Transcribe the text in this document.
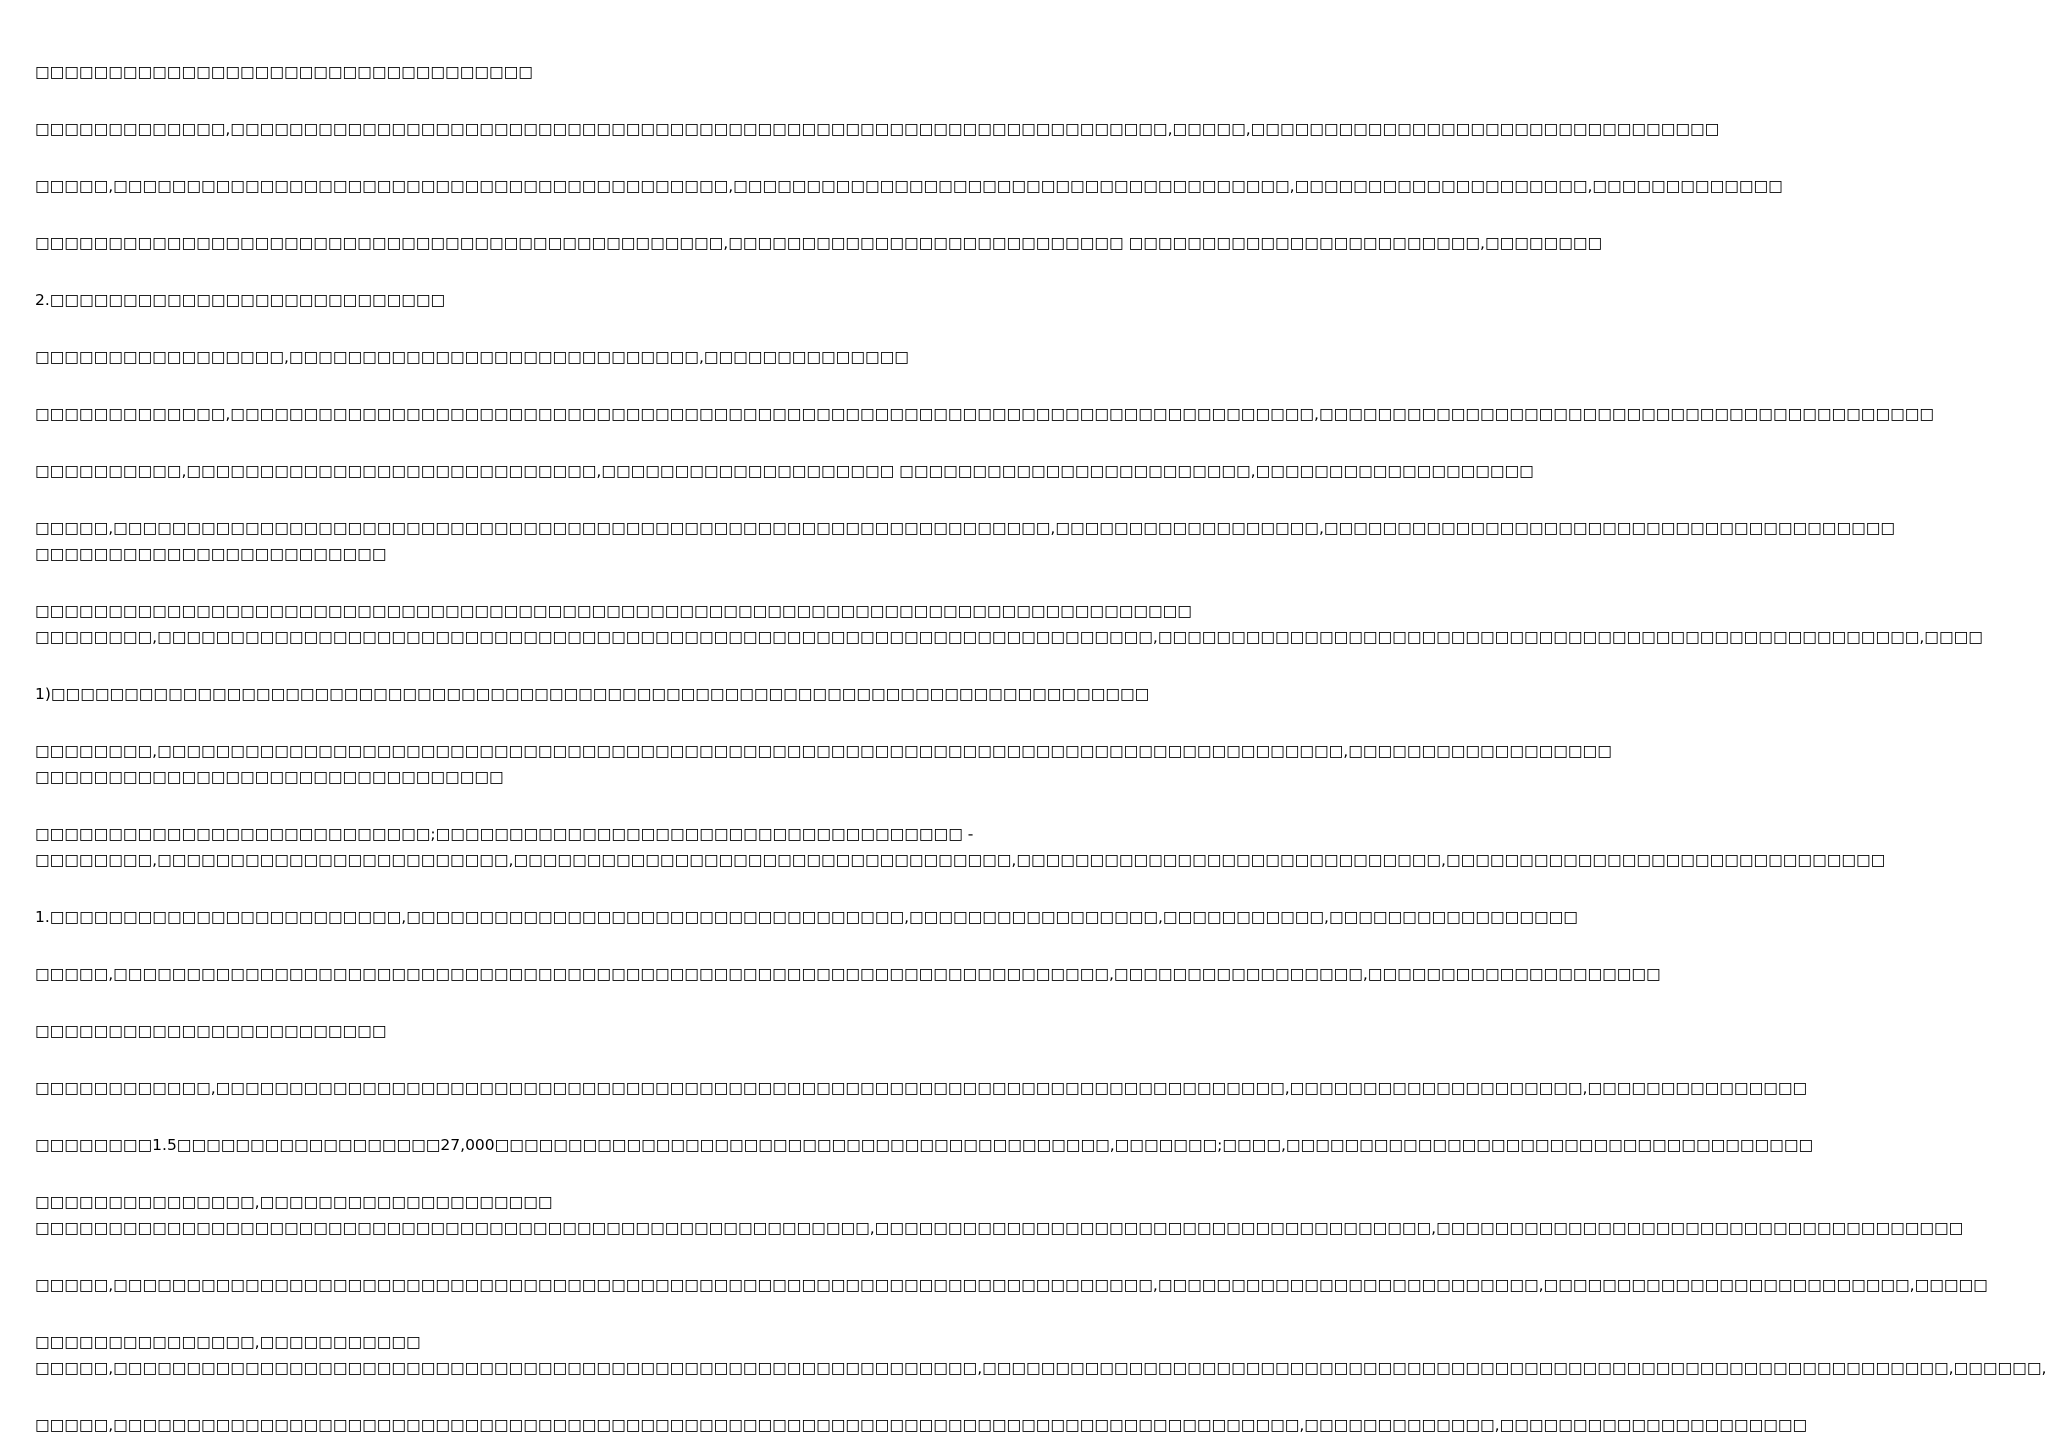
□□□□□□□□□□□□□□□□□□□□□□□□□□□□□□□□□□
□□□□□□□□□□□□□,□□□□□□□□□□□□□□□□□□□□□□□□□□□□□□□□□□□□□□□□□□□□□□□□□□□□□□□□□□□□□□□□,□□□□□,□□□□□□□□□□□□□□□□□□□□□□□□□□□□□□□□
□□□□□,□□□□□□□□□□□□□□□□□□□□□□□□□□□□□□□□□□□□□□□□□□,□□□□□□□□□□□□□□□□□□□□□□□□□□□□□□□□□□□□□□,□□□□□□□□□□□□□□□□□□□□,□□□□□□□□□□□□□
□□□□□□□□□□□□□□□□□□□□□□□□□□□□□□□□□□□□□□□□□□□□□□□,□□□□□□□□□□□□□□□□□□□□□□□□□□□ □□□□□□□□□□□□□□□□□□□□□□□□,□□□□□□□□
2.□□□□□□□□□□□□□□□□□□□□□□□□□□□
□□□□□□□□□□□□□□□□□,□□□□□□□□□□□□□□□□□□□□□□□□□□□□,□□□□□□□□□□□□□□
□□□□□□□□□□□□□,□□□□□□□□□□□□□□□□□□□□□□□□□□□□□□□□□□□□□□□□□□□□□□□□□□□□□□□□□□□□□□□□□□□□□□□□□□,□□□□□□□□□□□□□□□□□□□□□□□□□□□□□□□□□□□□□□□□□□
□□□□□□□□□□,□□□□□□□□□□□□□□□□□□□□□□□□□□□□,□□□□□□□□□□□□□□□□□□□□ □□□□□□□□□□□□□□□□□□□□□□□□,□□□□□□□□□□□□□□□□□□□
□□□□□,□□□□□□□□□□□□□□□□□□□□□□□□□□□□□□□□□□□□□□□□□□□□□□□□□□□□□□□□□□□□□□□□,□□□□□□□□□□□□□□□□□□,□□□□□□□□□□□□□□□□□□□□□□□□□□□□□□□□□□□□□□□
□□□□□□□□□□□□□□□□□□□□□□□□
□□□□□□□□□□□□□□□□□□□□□□□□□□□□□□□□□□□□□□□□□□□□□□□□□□□□□□□□□□□□□□□□□□□□□□□□□□□□□□□
□□□□□□□□,□□□□□□□□□□□□□□□□□□□□□□□□□□□□□□□□□□□□□□□□□□□□□□□□□□□□□□□□□□□□□□□□□□□□,□□□□□□□□□□□□□□□□□□□□□□□□□□□□□□□□□□□□□□□□□□□□□□□□□□□□,□□□□
1)□□□□□□□□□□□□□□□□□□□□□□□□□□□□□□□□□□□□□□□□□□□□□□□□□□□□□□□□□□□□□□□□□□□□□□□□□□□
□□□□□□□□,□□□□□□□□□□□□□□□□□□□□□□□□□□□□□□□□□□□□□□□□□□□□□□□□□□□□□□□□□□□□□□□□□□□□□□□□□□□□□□□□□,□□□□□□□□□□□□□□□□□□
□□□□□□□□□□□□□□□□□□□□□□□□□□□□□□□□
□□□□□□□□□□□□□□□□□□□□□□□□□□□;□□□□□□□□□□□□□□□□□□□□□□□□□□□□□□□□□□□□ -
□□□□□□□□,□□□□□□□□□□□□□□□□□□□□□□□□,□□□□□□□□□□□□□□□□□□□□□□□□□□□□□□□□□□,□□□□□□□□□□□□□□□□□□□□□□□□□□□□□,□□□□□□□□□□□□□□□□□□□□□□□□□□□□□□
1.□□□□□□□□□□□□□□□□□□□□□□□□,□□□□□□□□□□□□□□□□□□□□□□□□□□□□□□□□□□,□□□□□□□□□□□□□□□□□,□□□□□□□□□□□,□□□□□□□□□□□□□□□□□
□□□□□,□□□□□□□□□□□□□□□□□□□□□□□□□□□□□□□□□□□□□□□□□□□□□□□□□□□□□□□□□□□□□□□□□□□□,□□□□□□□□□□□□□□□□□,□□□□□□□□□□□□□□□□□□□□
□□□□□□□□□□□□□□□□□□□□□□□□
□□□□□□□□□□□□,□□□□□□□□□□□□□□□□□□□□□□□□□□□□□□□□□□□□□□□□□□□□□□□□□□□□□□□□□□□□□□□□□□□□□□□□□,□□□□□□□□□□□□□□□□□□□□,□□□□□□□□□□□□□□□
□□□□□□□□1.5□□□□□□□□□□□□□□□□□□27,000□□□□□□□□□□□□□□□□□□□□□□□□□□□□□□□□□□□□□□□□□□,□□□□□□□;□□□□,□□□□□□□□□□□□□□□□□□□□□□□□□□□□□□□□□□□□
□□□□□□□□□□□□□□□,□□□□□□□□□□□□□□□□□□□□
□□□□□□□□□□□□□□□□□□□□□□□□□□□□□□□□□□□□□□□□□□□□□□□□□□□□□□□□□,□□□□□□□□□□□□□□□□□□□□□□□□□□□□□□□□□□□□□□,□□□□□□□□□□□□□□□□□□□□□□□□□□□□□□□□□□□□
□□□□□,□□□□□□□□□□□□□□□□□□□□□□□□□□□□□□□□□□□□□□□□□□□□□□□□□□□□□□□□□□□□□□□□□□□□□□□,□□□□□□□□□□□□□□□□□□□□□□□□□□,□□□□□□□□□□□□□□□□□□□□□□□□□,□□□□□
□□□□□□□□□□□□□□□,□□□□□□□□□□□
□□□□□,□□□□□□□□□□□□□□□□□□□□□□□□□□□□□□□□□□□□□□□□□□□□□□□□□□□□□□□□□□□,□□□□□□□□□□□□□□□□□□□□□□□□□□□□□□□□□□□□□□□□□□□□□□□□□□□□□□□□□□□□□□□□□□,□□□□□□,
□□□□□,□□□□□□□□□□□□□□□□□□□□□□□□□□□□□□□□□□□□□□□□□□□□□□□□□□□□□□□□□□□□□□□□□□□□□□□□□□□□□□□□□,□□□□□□□□□□□□□,□□□□□□□□□□□□□□□□□□□□□
